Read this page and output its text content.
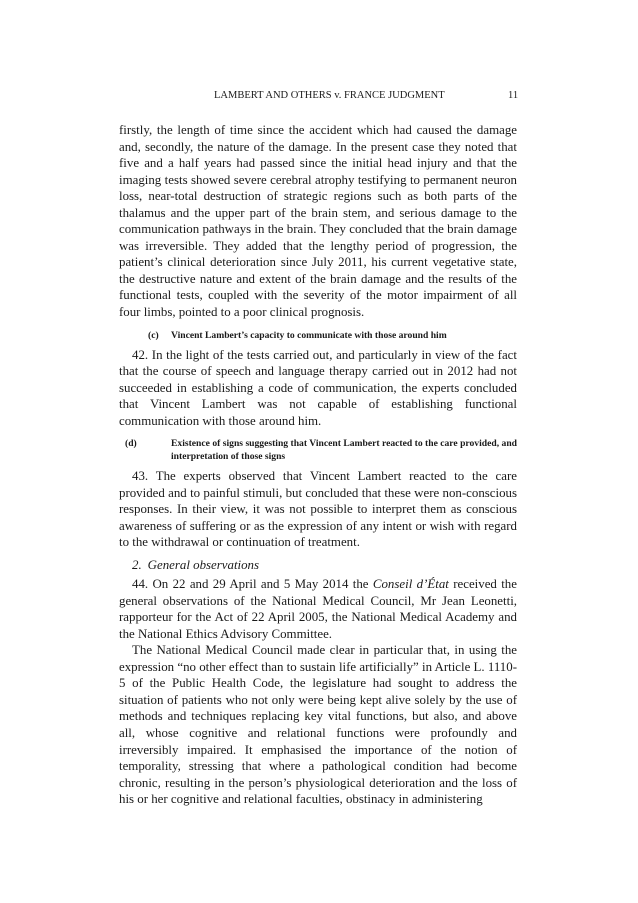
LAMBERT AND OTHERS v. FRANCE JUDGMENT	11

firstly, the length of time since the accident which had caused the damage and, secondly, the nature of the damage. In the present case they noted that five and a half years had passed since the initial head injury and that the imaging tests showed severe cerebral atrophy testifying to permanent neuron loss, near-total destruction of strategic regions such as both parts of the thalamus and the upper part of the brain stem, and serious damage to the communication pathways in the brain. They concluded that the brain damage was irreversible. They added that the lengthy period of progression, the patient’s clinical deterioration since July 2011, his current vegetative state, the destructive nature and extent of the brain damage and the results of the functional tests, coupled with the severity of the motor impairment of all four limbs, pointed to a poor clinical prognosis.

(c) Vincent Lambert’s capacity to communicate with those around him

42. In the light of the tests carried out, and particularly in view of the fact that the course of speech and language therapy carried out in 2012 had not succeeded in establishing a code of communication, the experts concluded that Vincent Lambert was not capable of establishing functional communication with those around him.

(d)	Existence of signs suggesting that Vincent Lambert reacted to the care provided, and interpretation of those signs

43. The experts observed that Vincent Lambert reacted to the care provided and to painful stimuli, but concluded that these were non-conscious responses. In their view, it was not possible to interpret them as conscious awareness of suffering or as the expression of any intent or wish with regard to the withdrawal or continuation of treatment.

2. General observations

44. On 22 and 29 April and 5 May 2014 the Conseil d’État received the general observations of the National Medical Council, Mr Jean Leonetti, rapporteur for the Act of 22 April 2005, the National Medical Academy and the National Ethics Advisory Committee.

The National Medical Council made clear in particular that, in using the expression “no other effect than to sustain life artificially” in Article L. 1110-5 of the Public Health Code, the legislature had sought to address the situation of patients who not only were being kept alive solely by the use of methods and techniques replacing key vital functions, but also, and above all, whose cognitive and relational functions were profoundly and irreversibly impaired. It emphasised the importance of the notion of temporality, stressing that where a pathological condition had become chronic, resulting in the person’s physiological deterioration and the loss of his or her cognitive and relational faculties, obstinacy in administering
